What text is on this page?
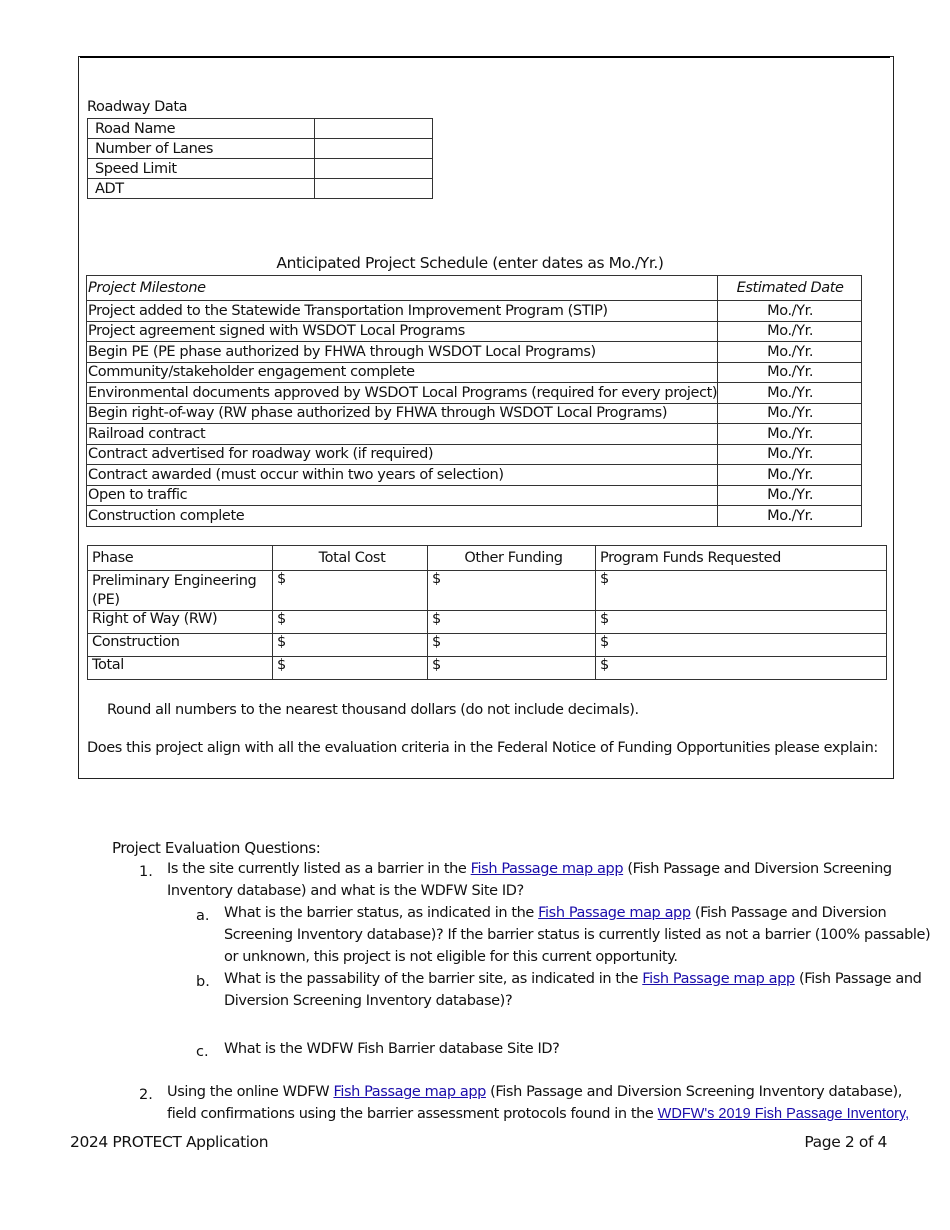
Roadway Data
Road Name	
Number of Lanes	
Speed Limit	
ADT	
Anticipated Project Schedule (enter dates as Mo./Yr.)
Project Milestone	Estimated Date
Project added to the Statewide Transportation Improvement Program (STIP)	Mo./Yr.
Project agreement signed with WSDOT Local Programs	Mo./Yr.
Begin PE (PE phase authorized by FHWA through WSDOT Local Programs)	Mo./Yr.
Community/stakeholder engagement complete	Mo./Yr.
Environmental documents approved by WSDOT Local Programs (required for every project)	Mo./Yr.
Begin right-of-way (RW phase authorized by FHWA through WSDOT Local Programs)	Mo./Yr.
Railroad contract	Mo./Yr.
Contract advertised for roadway work (if required)	Mo./Yr.
Contract awarded (must occur within two years of selection)	Mo./Yr.
Open to traffic	Mo./Yr.
Construction complete	Mo./Yr.
Phase	Total Cost	Other Funding	Program Funds Requested
Preliminary Engineering (PE)	$	$	$
Right of Way (RW)	$	$	$
Construction	$	$	$
Total	$	$	$
Round all numbers to the nearest thousand dollars (do not include decimals).
Does this project align with all the evaluation criteria in the Federal Notice of Funding Opportunities please explain:
Project Evaluation Questions:
1. Is the site currently listed as a barrier in the Fish Passage map app (Fish Passage and Diversion Screening
Inventory database) and what is the WDFW Site ID?
a. What is the barrier status, as indicated in the Fish Passage map app (Fish Passage and Diversion
Screening Inventory database)? If the barrier status is currently listed as not a barrier (100% passable)
or unknown, this project is not eligible for this current opportunity.
b. What is the passability of the barrier site, as indicated in the Fish Passage map app (Fish Passage and
Diversion Screening Inventory database)?
c. What is the WDFW Fish Barrier database Site ID?
2. Using the online WDFW Fish Passage map app (Fish Passage and Diversion Screening Inventory database),
field confirmations using the barrier assessment protocols found in the WDFW's 2019 Fish Passage Inventory,
2024 PROTECT Application	Page 2 of 4
